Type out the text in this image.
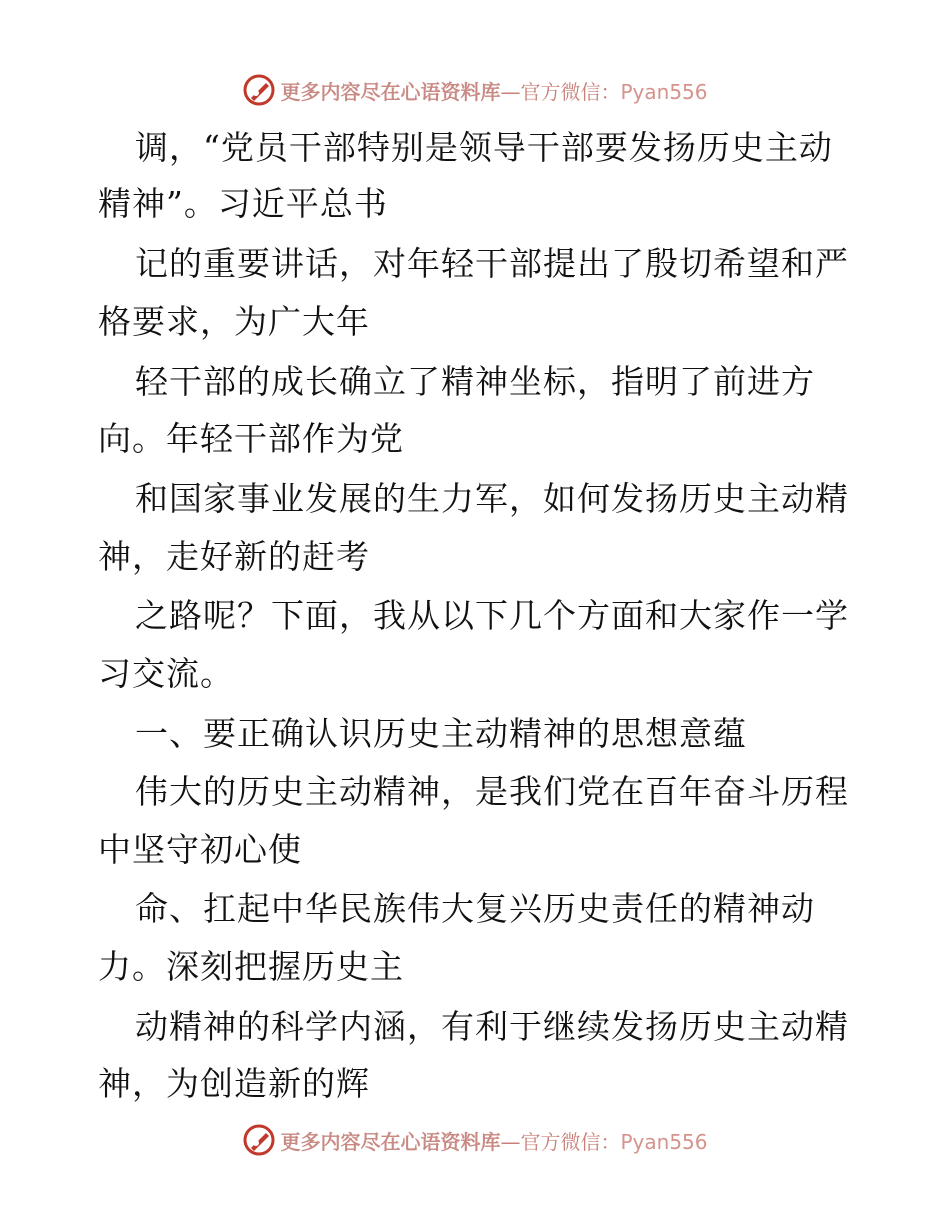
更多内容尽在心语资料库—官方微信：Pyan556
调，“党员干部特别是领导干部要发扬历史主动
精神”。习近平总书
记的重要讲话，对年轻干部提出了殷切希望和严
格要求，为广大年
轻干部的成长确立了精神坐标，指明了前进方
向。年轻干部作为党
和国家事业发展的生力军，如何发扬历史主动精
神，走好新的赶考
之路呢？下面，我从以下几个方面和大家作一学
习交流。
一、要正确认识历史主动精神的思想意蕴
伟大的历史主动精神，是我们党在百年奋斗历程
中坚守初心使
命、扛起中华民族伟大复兴历史责任的精神动
力。深刻把握历史主
动精神的科学内涵，有利于继续发扬历史主动精
神，为创造新的辉
更多内容尽在心语资料库—官方微信：Pyan556
